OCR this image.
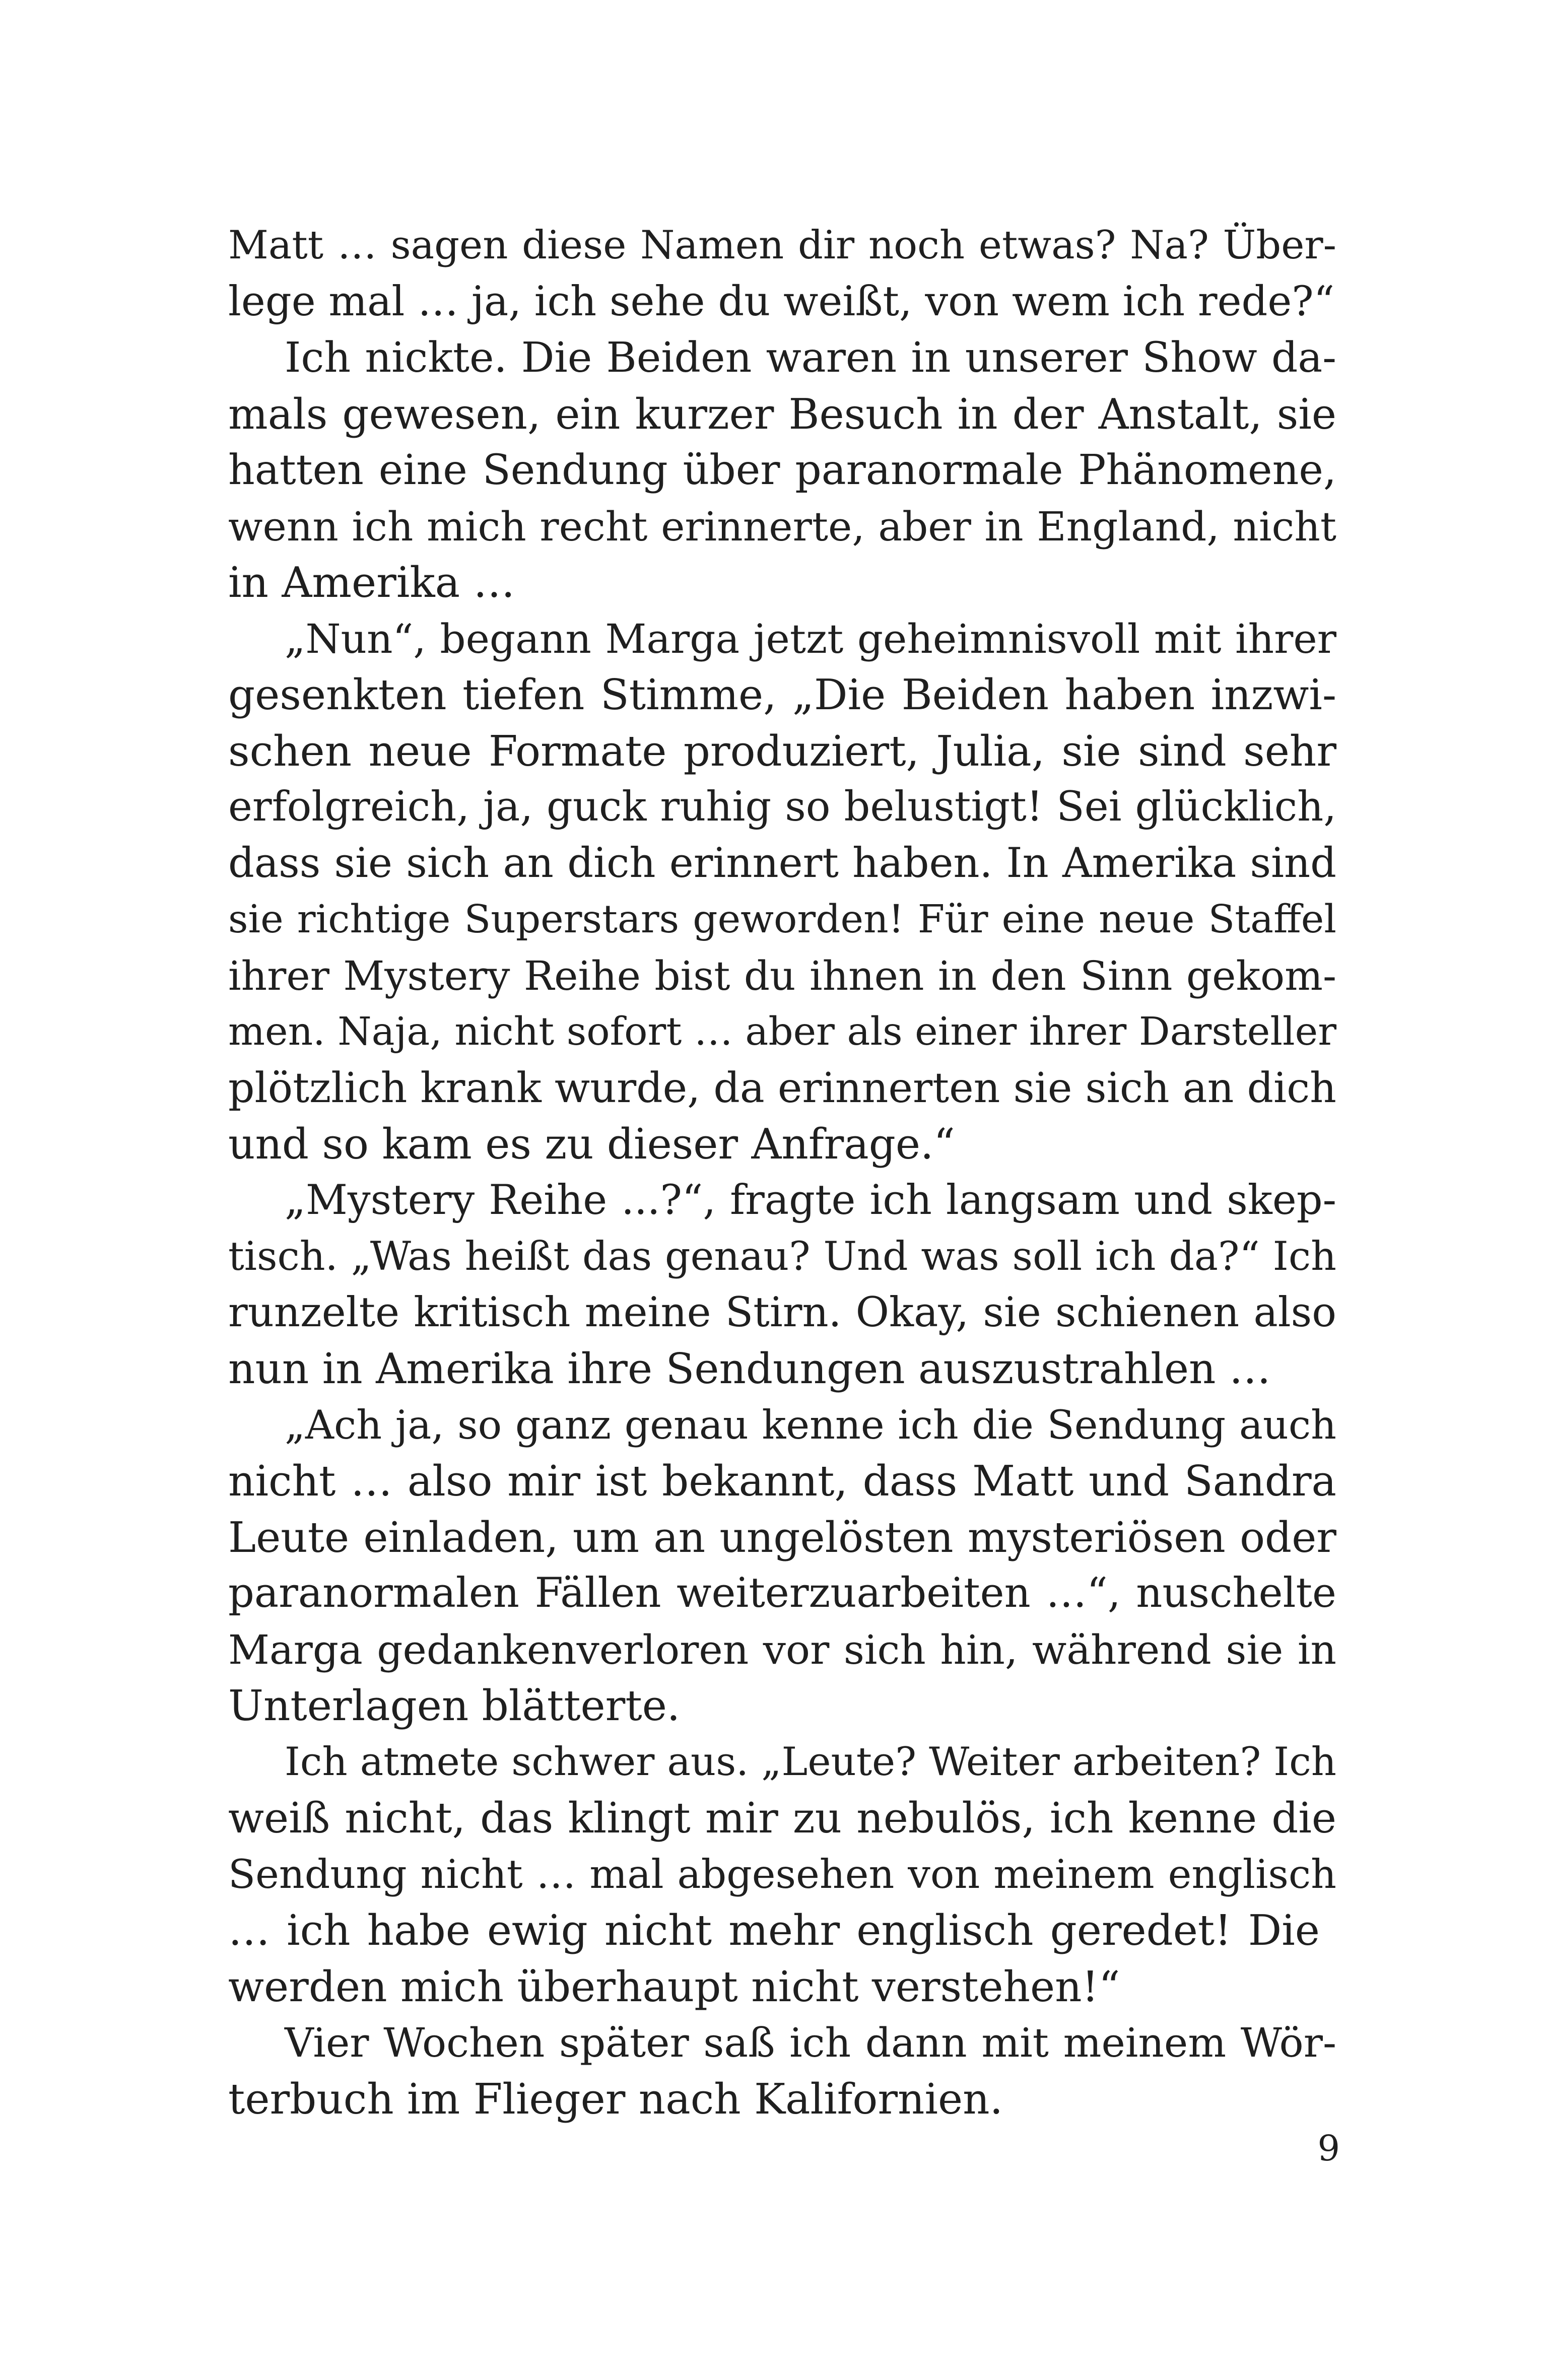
Matt … sagen diese Namen dir noch etwas? Na? Über-
lege mal … ja, ich sehe du weißt, von wem ich rede?“
Ich nickte. Die Beiden waren in unserer Show da-
mals gewesen, ein kurzer Besuch in der Anstalt, sie
hatten eine Sendung über paranormale Phänomene,
wenn ich mich recht erinnerte, aber in England, nicht
in Amerika …
„Nun“, begann Marga jetzt geheimnisvoll mit ihrer
gesenkten tiefen Stimme, „Die Beiden haben inzwi-
schen neue Formate produziert, Julia, sie sind sehr
erfolgreich, ja, guck ruhig so belustigt! Sei glücklich,
dass sie sich an dich erinnert haben. In Amerika sind
sie richtige Superstars geworden! Für eine neue Staffel
ihrer Mystery Reihe bist du ihnen in den Sinn gekom-
men. Naja, nicht sofort … aber als einer ihrer Darsteller
plötzlich krank wurde, da erinnerten sie sich an dich
und so kam es zu dieser Anfrage.“
„Mystery Reihe ...?“, fragte ich langsam und skep-
tisch. „Was heißt das genau? Und was soll ich da?“ Ich
runzelte kritisch meine Stirn. Okay, sie schienen also
nun in Amerika ihre Sendungen auszustrahlen …
„Ach ja, so ganz genau kenne ich die Sendung auch
nicht … also mir ist bekannt, dass Matt und Sandra
Leute einladen, um an ungelösten mysteriösen oder
paranormalen Fällen weiterzuarbeiten …“, nuschelte
Marga gedankenverloren vor sich hin, während sie in
Unterlagen blätterte.
Ich atmete schwer aus. „Leute? Weiter arbeiten? Ich
weiß nicht, das klingt mir zu nebulös, ich kenne die
Sendung nicht … mal abgesehen von meinem englisch
… ich habe ewig nicht mehr englisch geredet! Die
werden mich überhaupt nicht verstehen!“
Vier Wochen später saß ich dann mit meinem Wör-
terbuch im Flieger nach Kalifornien.
9
